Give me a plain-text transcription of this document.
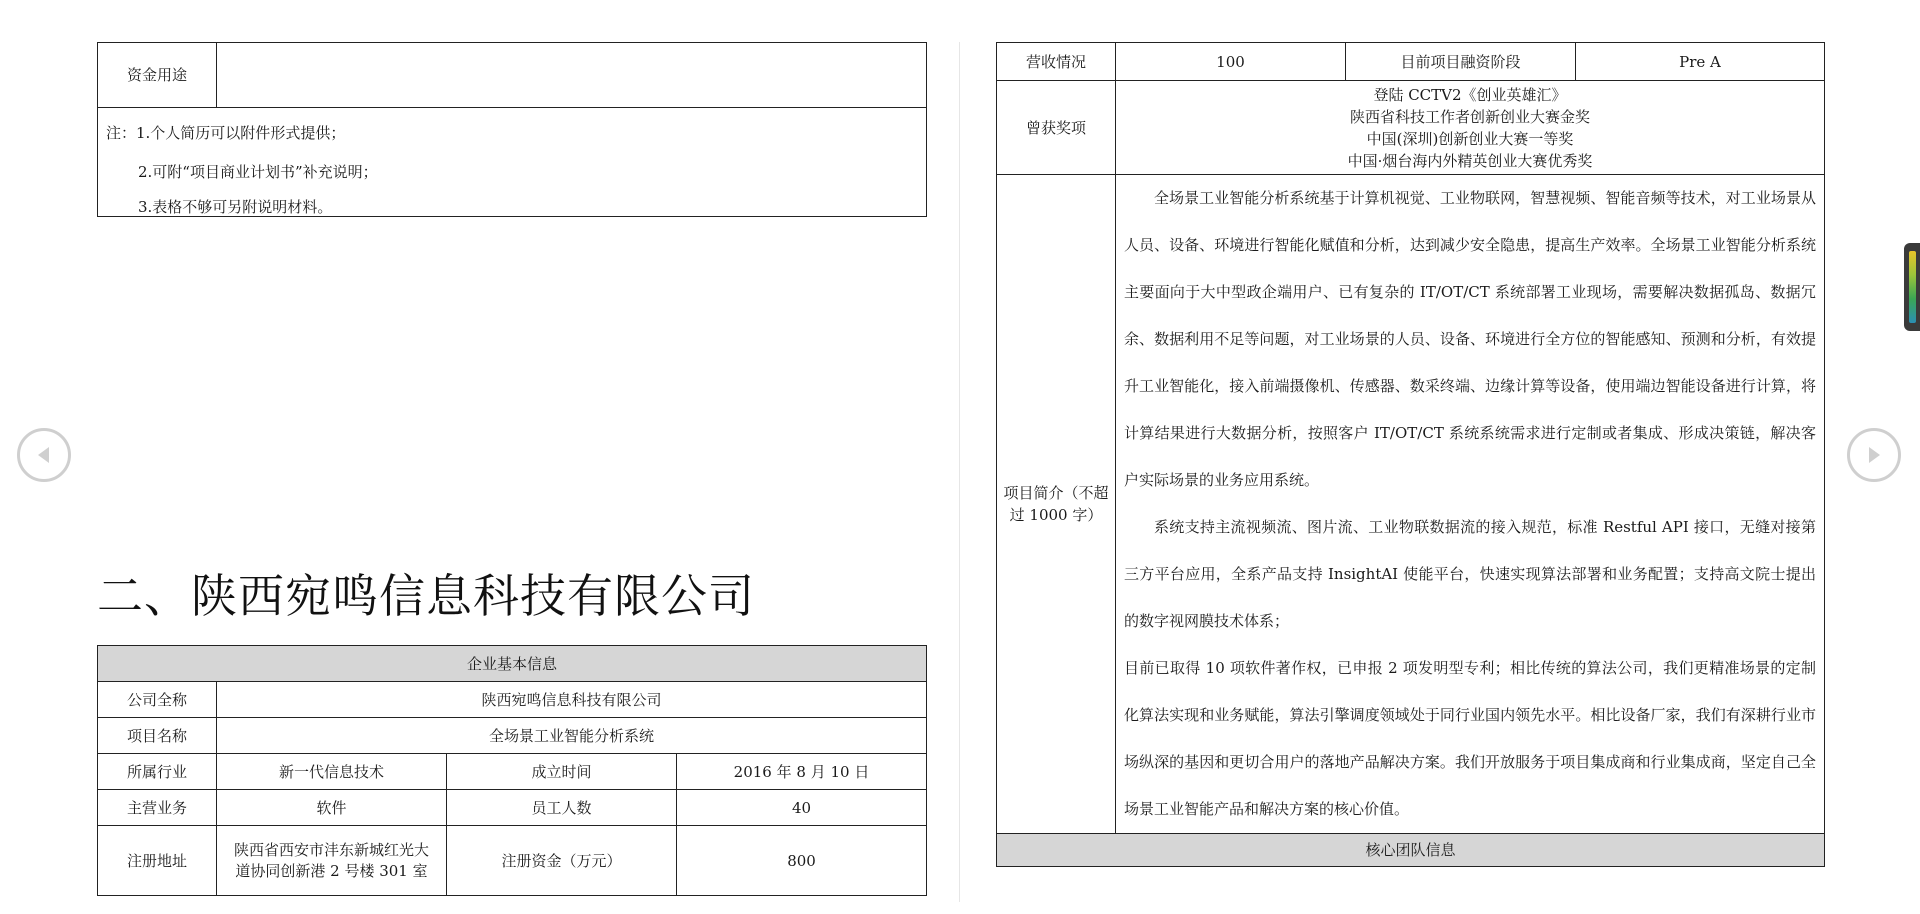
资金用途	
注：1.个人简历可以附件形式提供；
2.可附“项目商业计划书”补充说明；
3.表格不够可另附说明材料。
二、陕西宛鸣信息科技有限公司
企业基本信息			
公司全称	陕西宛鸣信息科技有限公司		
项目名称	全场景工业智能分析系统		
所属行业	新一代信息技术	成立时间	2016 年 8 月 10 日
主营业务	软件	员工人数	40
注册地址	陕西省西安市沣东新城红光大道协同创新港 2 号楼 301 室	注册资金（万元）	800
营收情况	100	目前项目融资阶段	Pre A
曾获奖项	登陆 CCTV2《创业英雄汇》
陕西省科技工作者创新创业大赛金奖
中国(深圳)创新创业大赛一等奖
中国·烟台海内外精英创业大赛优秀奖		

项目简介（不超过 1000 字）	全场景工业智能分析系统基于计算机视觉、工业物联网，智慧视频、智能音频等技术，对工业场景从人员、设备、环境进行智能化赋值和分析，达到减少安全隐患，提高生产效率。全场景工业智能分析系统主要面向于大中型政企端用户、已有复杂的 IT/OT/CT 系统部署工业现场，需要解决数据孤岛、数据冗余、数据利用不足等问题，对工业场景的人员、设备、环境进行全方位的智能感知、预测和分析，有效提升工业智能化，接入前端摄像机、传感器、数采终端、边缘计算等设备，使用端边智能设备进行计算，将计算结果进行大数据分析，按照客户 IT/OT/CT 系统系统需求进行定制或者集成、形成决策链，解决客户实际场景的业务应用系统。

系统支持主流视频流、图片流、工业物联数据流的接入规范，标准 Restful API 接口，无缝对接第三方平台应用，全系产品支持 InsightAI 使能平台，快速实现算法部署和业务配置；支持高文院士提出的数字视网膜技术体系；

目前已取得 10 项软件著作权，已申报 2 项发明型专利；相比传统的算法公司，我们更精准场景的定制化算法实现和业务赋能，算法引擎调度领域处于同行业国内领先水平。相比设备厂家，我们有深耕行业市场纵深的基因和更切合用户的落地产品解决方案。我们开放服务于项目集成商和行业集成商，坚定自己全场景工业智能产品和解决方案的核心价值。		

核心团队信息			
